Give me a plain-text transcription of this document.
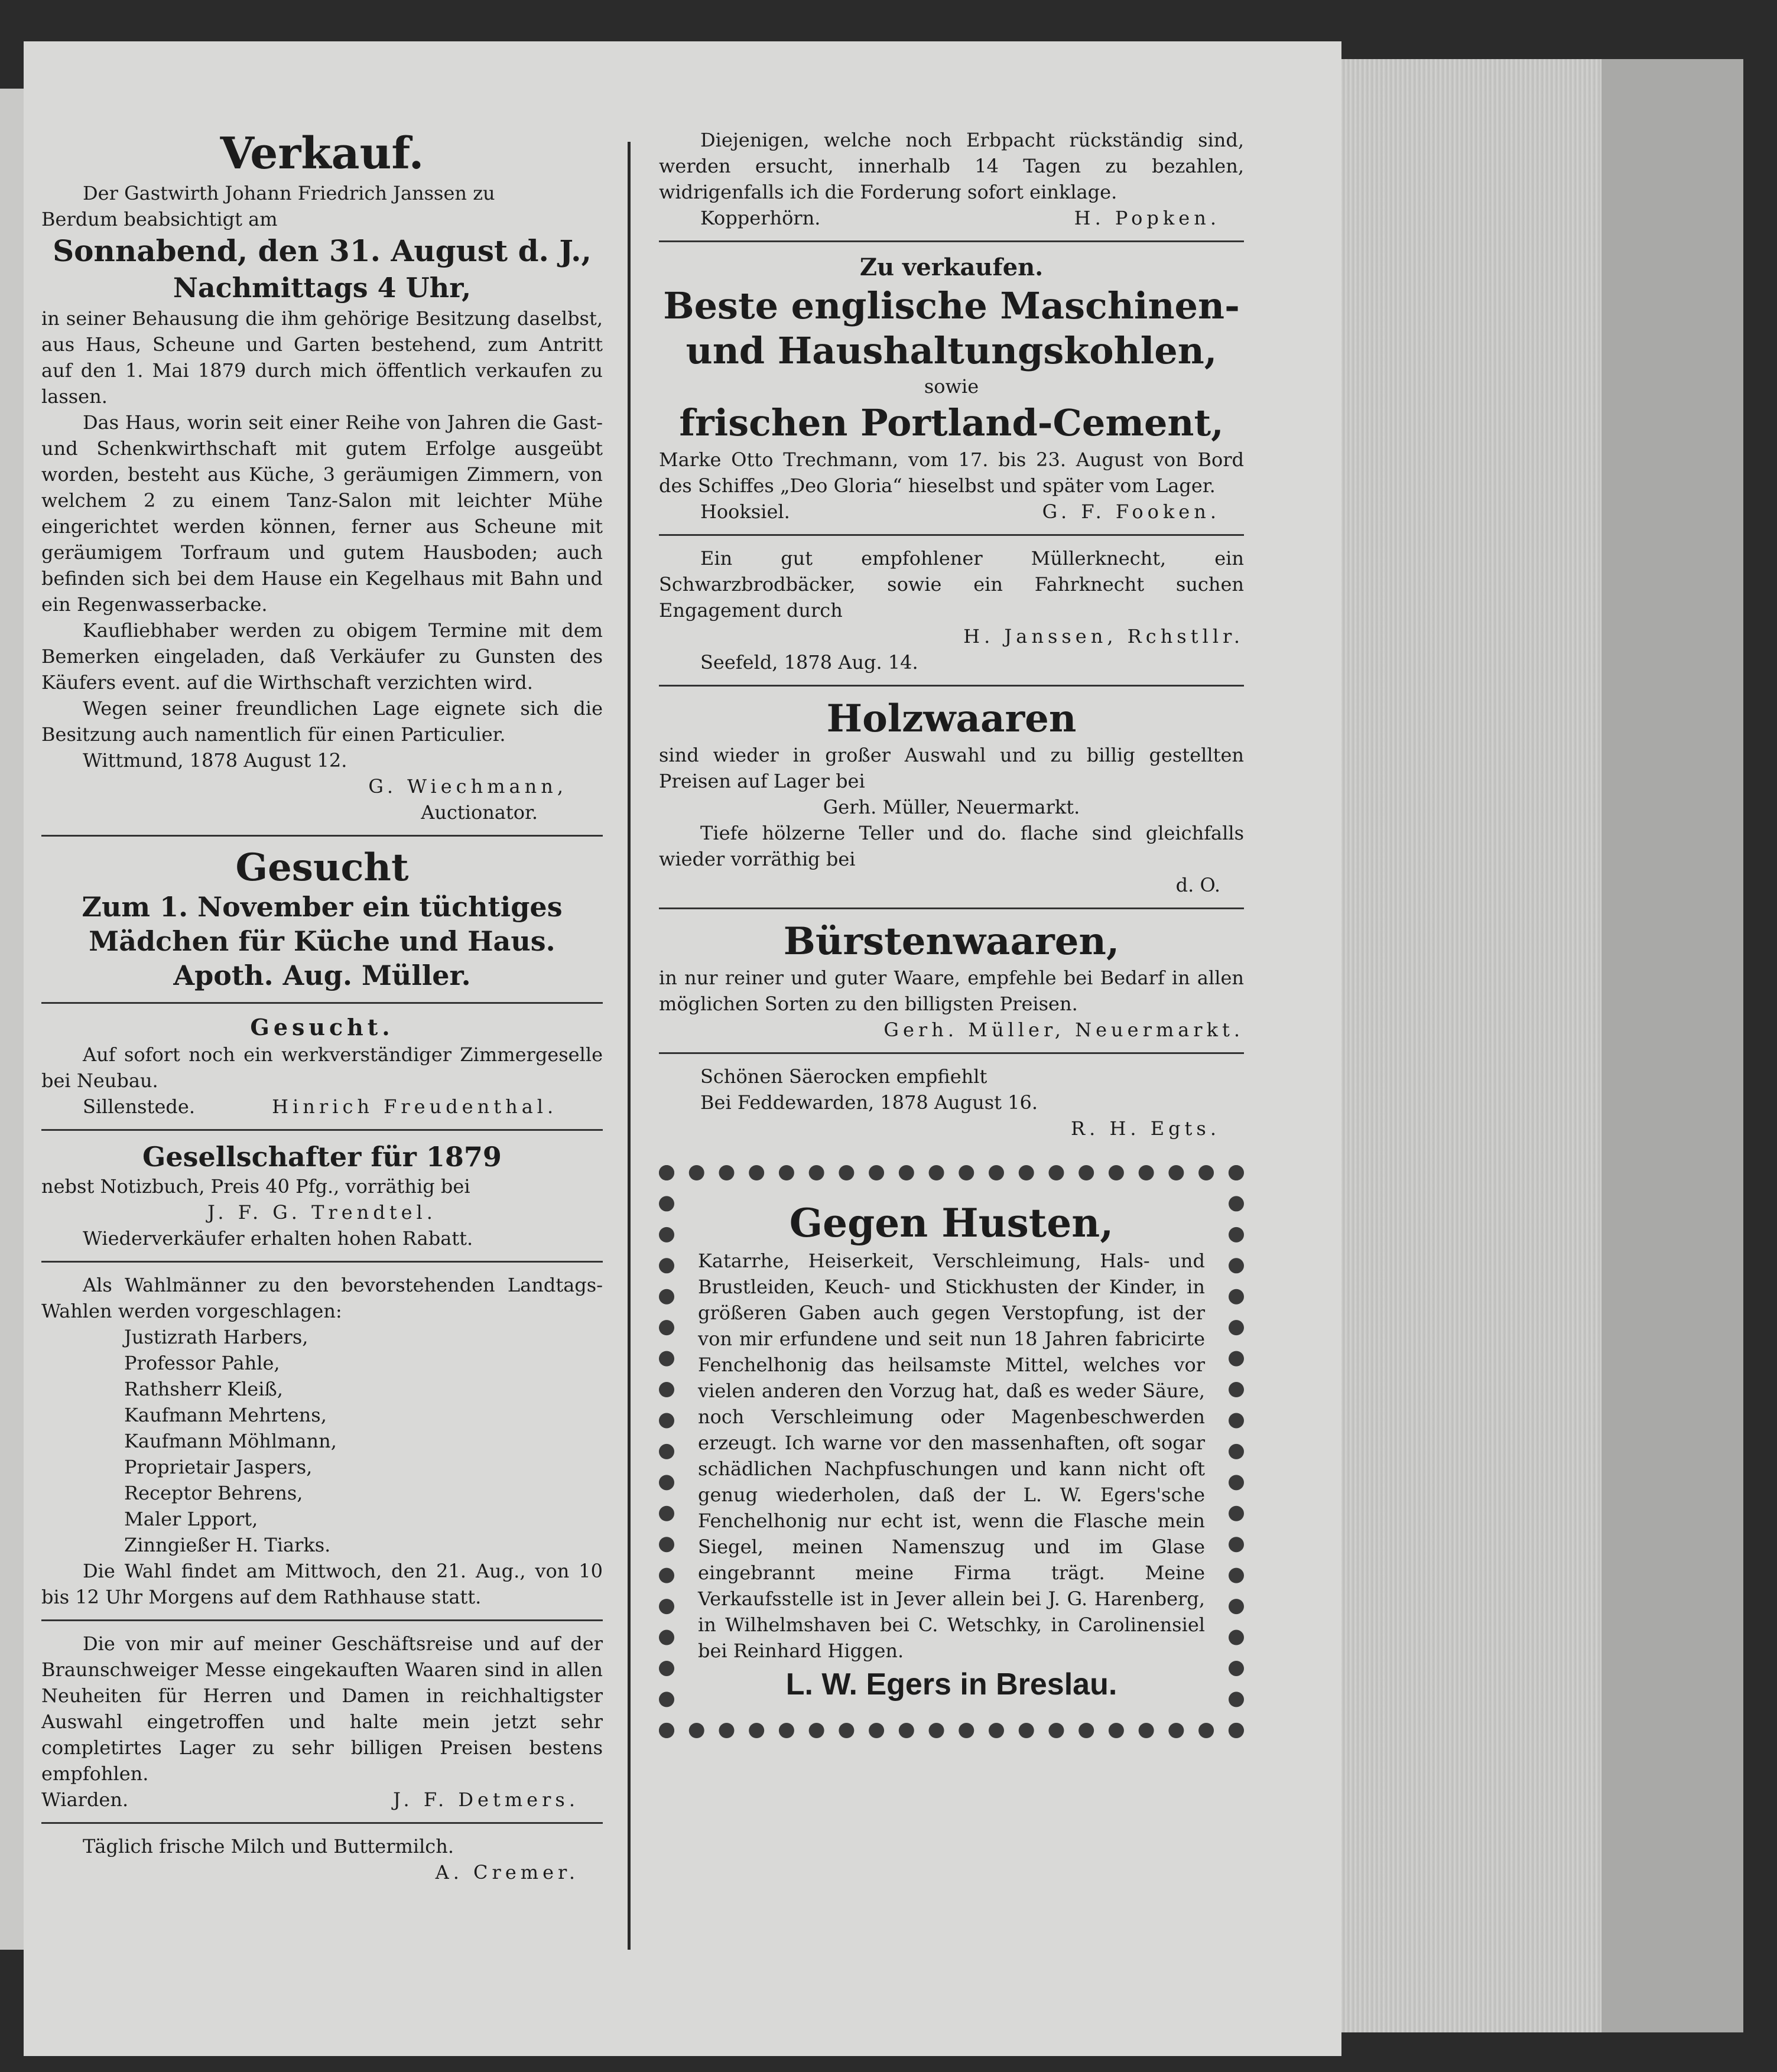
Verkauf.

Der Gastwirth Johann Friedrich Janssen zu

Berdum beabsichtigt am

Sonnabend, den 31. August d. J.,
Nachmittags 4 Uhr,

in seiner Behausung die ihm gehörige Besitzung daselbst, aus Haus, Scheune und Garten bestehend, zum Antritt auf den 1. Mai 1879 durch mich öffentlich verkaufen zu lassen.

Das Haus, worin seit einer Reihe von Jahren die Gast- und Schenkwirthschaft mit gutem Erfolge ausgeübt worden, besteht aus Küche, 3 geräumigen Zimmern, von welchem 2 zu einem Tanz-Salon mit leichter Mühe eingerichtet werden können, ferner aus Scheune mit geräumigem Torfraum und gutem Hausboden; auch befinden sich bei dem Hause ein Kegelhaus mit Bahn und ein Regenwasserbacke.

Kaufliebhaber werden zu obigem Termine mit dem Bemerken eingeladen, daß Verkäufer zu Gunsten des Käufers event. auf die Wirthschaft verzichten wird.

Wegen seiner freundlichen Lage eignete sich die Besitzung auch namentlich für einen Particulier.

Wittmund, 1878 August 12.

G. Wiechmann,

Auctionator.

Gesucht
Zum 1. November ein tüchtiges
Mädchen für Küche und Haus.
Apoth. Aug. Müller.
Gesucht.

Auf sofort noch ein werkverständiger Zimmergeselle bei Neubau.

Sillenstede.	Hinrich Freudenthal.

Gesellschafter für 1879

nebst Notizbuch, Preis 40 Pfg., vorräthig bei

J. F. G. Trendtel.

Wiederverkäufer erhalten hohen Rabatt.

Als Wahlmänner zu den bevorstehenden Landtags-Wahlen werden vorgeschlagen:

Justizrath Harbers,

Professor Pahle,

Rathsherr Kleiß,

Kaufmann Mehrtens,

Kaufmann Möhlmann,

Proprietair Jaspers,

Receptor Behrens,

Maler Lpport,

Zinngießer H. Tiarks.

Die Wahl findet am Mittwoch, den 21. Aug., von 10 bis 12 Uhr Morgens auf dem Rathhause statt.

Die von mir auf meiner Geschäftsreise und auf der Braunschweiger Messe eingekauften Waaren sind in allen Neuheiten für Herren und Damen in reichhaltigster Auswahl eingetroffen und halte mein jetzt sehr completirtes Lager zu sehr billigen Preisen bestens empfohlen.

Wiarden.	J. F. Detmers.

Täglich frische Milch und Buttermilch.

A. Cremer.

Diejenigen, welche noch Erbpacht rückständig sind, werden ersucht, innerhalb 14 Tagen zu bezahlen, widrigenfalls ich die Forderung sofort einklage.

Kopperhörn.	H. Popken.

Zu verkaufen.
Beste englische Maschinen-
und Haushaltungskohlen,

sowie

frischen Portland-Cement,

Marke Otto Trechmann, vom 17. bis 23. August von Bord des Schiffes „Deo Gloria“ hieselbst und später vom Lager.

Hooksiel.	G. F. Fooken.

Ein gut empfohlener Müllerknecht, ein Schwarzbrodbäcker, sowie ein Fahrknecht suchen Engagement durch

H. Janssen, Rchstllr.

Seefeld, 1878 Aug. 14.

Holzwaaren

sind wieder in großer Auswahl und zu billig gestellten Preisen auf Lager bei

Gerh. Müller, Neuermarkt.

Tiefe hölzerne Teller und do. flache sind gleichfalls wieder vorräthig bei

d. O.

Bürstenwaaren,

in nur reiner und guter Waare, empfehle bei Bedarf in allen möglichen Sorten zu den billigsten Preisen.

Gerh. Müller, Neuermarkt.

Schönen Säerocken empfiehlt

Bei Feddewarden, 1878 August 16.

R. H. Egts.

Gegen Husten,

Katarrhe, Heiserkeit, Verschleimung, Hals- und Brustleiden, Keuch- und Stickhusten der Kinder, in größeren Gaben auch gegen Verstopfung, ist der von mir erfundene und seit nun 18 Jahren fabricirte Fenchelhonig das heilsamste Mittel, welches vor vielen anderen den Vorzug hat, daß es weder Säure, noch Verschleimung oder Magenbeschwerden erzeugt. Ich warne vor den massenhaften, oft sogar schädlichen Nachpfuschungen und kann nicht oft genug wiederholen, daß der L. W. Egers'sche Fenchelhonig nur echt ist, wenn die Flasche mein Siegel, meinen Namenszug und im Glase eingebrannt meine Firma trägt. Meine Verkaufsstelle ist in Jever allein bei J. G. Harenberg, in Wilhelmshaven bei C. Wetschky, in Carolinensiel bei Reinhard Higgen.

L. W. Egers in Breslau.
